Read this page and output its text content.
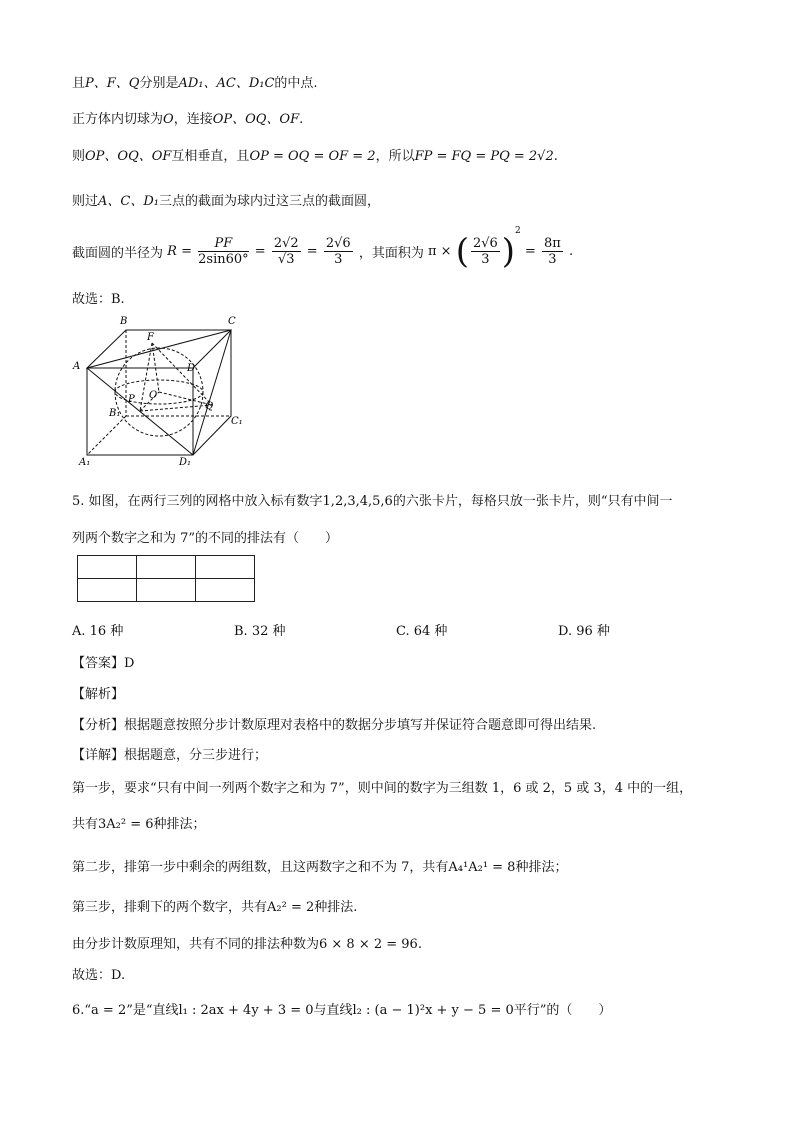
且P、F、Q分别是AD₁、AC、D₁C的中点.
正方体内切球为O，连接OP、OQ、OF.
则OP、OQ、OF互相垂直，且OP = OQ = OF = 2，所以FP = FQ = PQ = 2√2.
则过A、C、D₁三点的截面为球内过这三点的截面圆，
截面圆的半径为 $R = \frac{PF}{2\sin 60^\circ} = \frac{2√2}{√3} = \frac{2√6}{3}$ ，其面积为 π × ( $\frac{2√6}{3} )^2 = \frac{8\pi}{3}$ .
故选：B.
B	C
F
A	D
O
P
Q
B₁
C₁
A₁	D₁
5. 如图，在两行三列的网格中放入标有数字1,2,3,4,5,6的六张卡片，每格只放一张卡片，则“只有中间一
列两个数字之和为 7”的不同的排法有（　　）

A. 16 种	B. 32 种	C. 64 种	D. 96 种
【答案】D
【解析】
【分析】根据题意按照分步计数原理对表格中的数据分步填写并保证符合题意即可得出结果.
【详解】根据题意，分三步进行；
第一步，要求“只有中间一列两个数字之和为 7”，则中间的数字为三组数 1，6 或 2，5 或 3，4 中的一组，
共有3A₂² = 6种排法；
第二步，排第一步中剩余的两组数，且这两数字之和不为 7，共有A₄¹A₂¹ = 8种排法；
第三步，排剩下的两个数字，共有A₂² = 2种排法.
由分步计数原理知，共有不同的排法种数为6 × 8 × 2 = 96.
故选：D.
6.“a = 2”是“直线l₁ : 2ax + 4y + 3 = 0与直线l₂ : (a − 1)²x + y − 5 = 0平行”的（　　）
